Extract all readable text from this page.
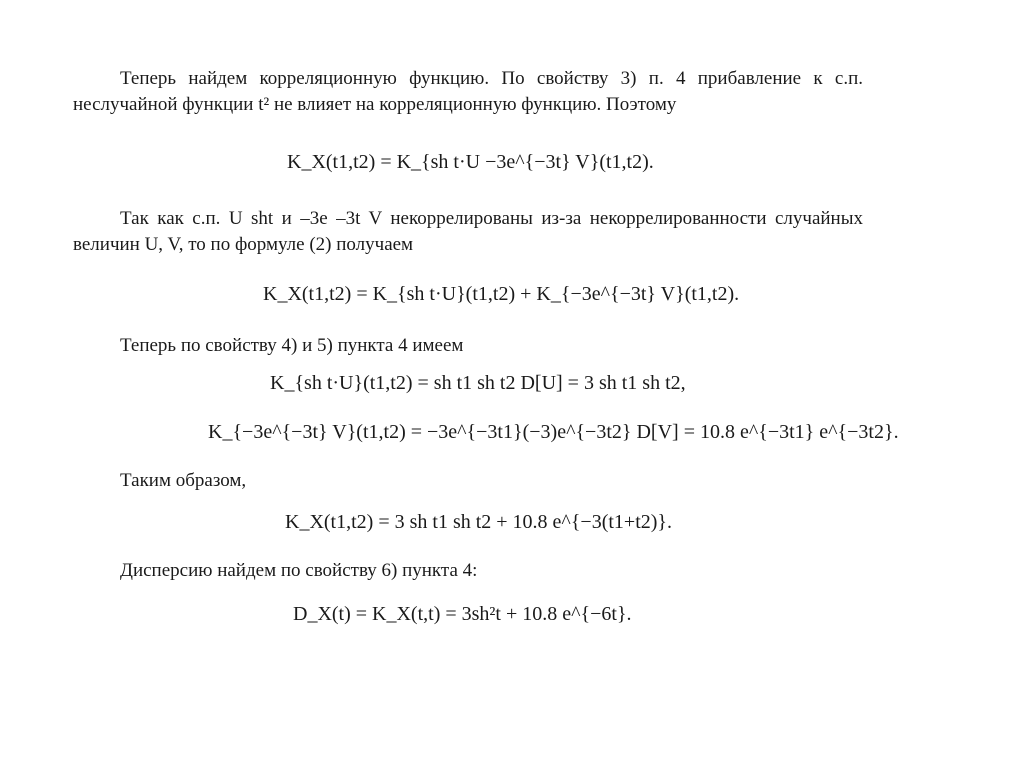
Теперь найдем корреляционную функцию. По свойству 3) п. 4 прибавление к с.п. неслучайной функции t² не влияет на корреляционную функцию. Поэтому
K_X(t1,t2) = K_{sh t·U −3e^{−3t} V}(t1,t2).
Так как с.п. U sht и –3e –3t V некоррелированы из-за некоррелированности случайных величин U, V, то по формуле (2) получаем
K_X(t1,t2) = K_{sh t·U}(t1,t2) + K_{−3e^{−3t} V}(t1,t2).
Теперь по свойству 4) и 5) пункта 4 имеем
K_{sh t·U}(t1,t2) = sh t1 sh t2 D[U] = 3 sh t1 sh t2,
K_{−3e^{−3t} V}(t1,t2) = −3e^{−3t1}(−3)e^{−3t2} D[V] = 10.8 e^{−3t1} e^{−3t2}.
Таким образом,
K_X(t1,t2) = 3 sh t1 sh t2 + 10.8 e^{−3(t1+t2)}.
Дисперсию найдем по свойству 6) пункта 4:
D_X(t) = K_X(t,t) = 3sh²t + 10.8 e^{−6t}.
